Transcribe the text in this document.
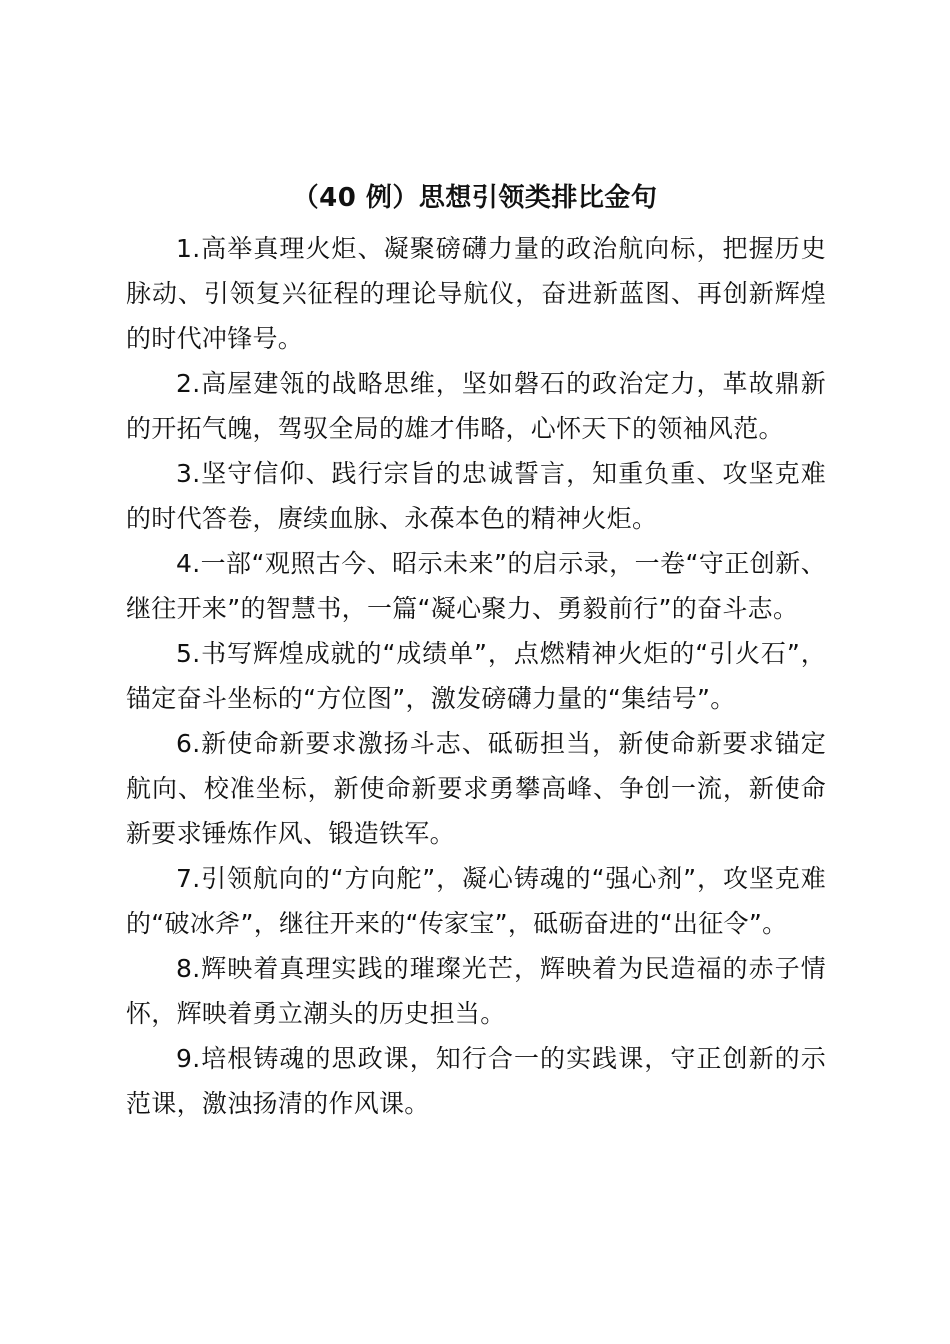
（40 例）思想引领类排比金句

1.高举真理火炬、凝聚磅礴力量的政治航向标，把握历史脉动、引领复兴征程的理论导航仪，奋进新蓝图、再创新辉煌的时代冲锋号。

2.高屋建瓴的战略思维，坚如磐石的政治定力，革故鼎新的开拓气魄，驾驭全局的雄才伟略，心怀天下的领袖风范。

3.坚守信仰、践行宗旨的忠诚誓言，知重负重、攻坚克难的时代答卷，赓续血脉、永葆本色的精神火炬。

4.一部“观照古今、昭示未来”的启示录，一卷“守正创新、继往开来”的智慧书，一篇“凝心聚力、勇毅前行”的奋斗志。

5.书写辉煌成就的“成绩单”，点燃精神火炬的“引火石”，锚定奋斗坐标的“方位图”，激发磅礴力量的“集结号”。

6.新使命新要求激扬斗志、砥砺担当，新使命新要求锚定航向、校准坐标，新使命新要求勇攀高峰、争创一流，新使命新要求锤炼作风、锻造铁军。

7.引领航向的“方向舵”，凝心铸魂的“强心剂”，攻坚克难的“破冰斧”，继往开来的“传家宝”，砥砺奋进的“出征令”。

8.辉映着真理实践的璀璨光芒，辉映着为民造福的赤子情怀，辉映着勇立潮头的历史担当。

9.培根铸魂的思政课，知行合一的实践课，守正创新的示范课，激浊扬清的作风课。
